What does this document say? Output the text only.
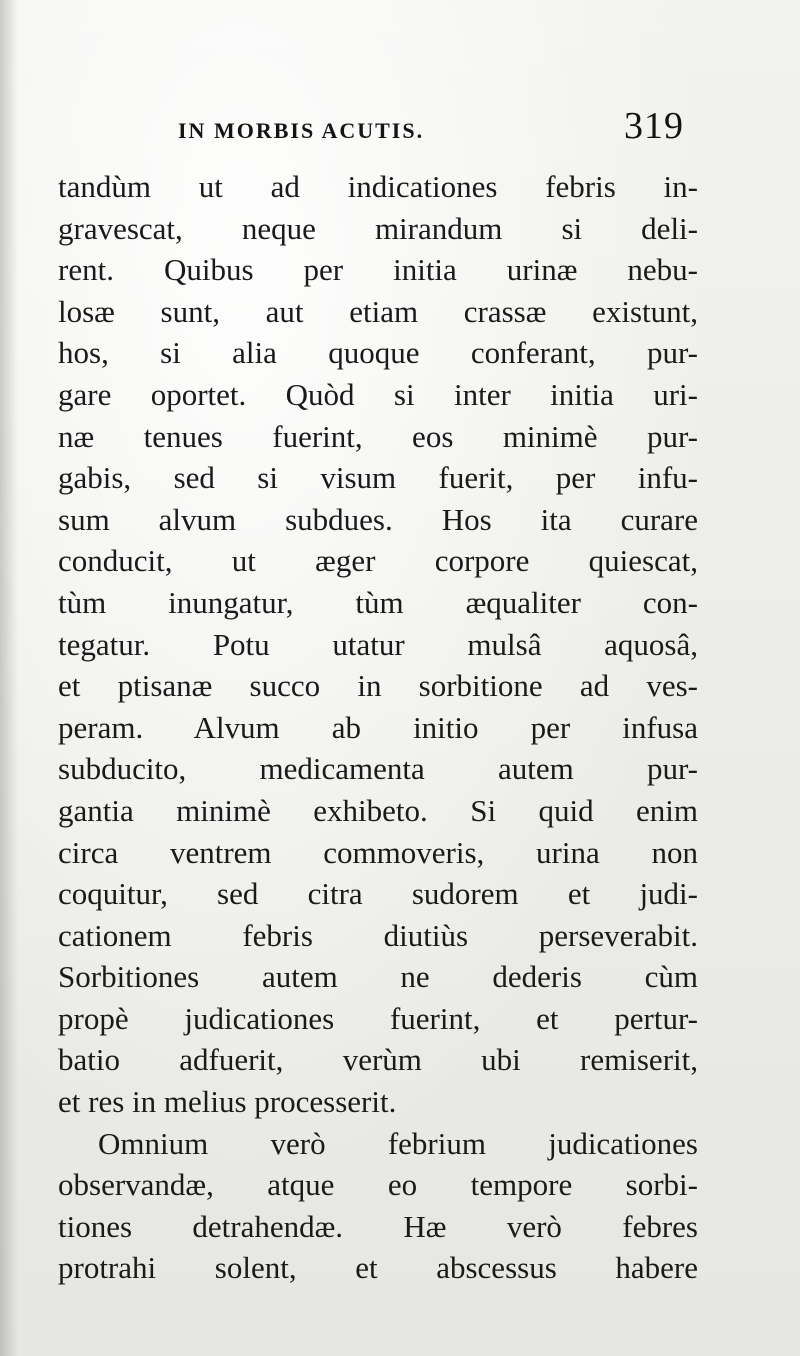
IN MORBIS ACUTIS.	319
tandùm ut ad indicationes febris in-
gravescat, neque mirandum si deli-
rent. Quibus per initia urinæ nebu-
losæ sunt, aut etiam crassæ existunt,
hos, si alia quoque conferant, pur-
gare oportet. Quòd si inter initia uri-
næ tenues fuerint, eos minimè pur-
gabis, sed si visum fuerit, per infu-
sum alvum subdues. Hos ita curare
conducit, ut æger corpore quiescat,
tùm inungatur, tùm æqualiter con-
tegatur. Potu utatur mulsâ aquosâ,
et ptisanæ succo in sorbitione ad ves-
peram. Alvum ab initio per infusa
subducito, medicamenta autem pur-
gantia minimè exhibeto. Si quid enim
circa ventrem commoveris, urina non
coquitur, sed citra sudorem et judi-
cationem febris diutiùs perseverabit.
Sorbitiones autem ne dederis cùm
propè judicationes fuerint, et pertur-
batio adfuerit, verùm ubi remiserit,
et res in melius processerit.
Omnium verò febrium judicationes
observandæ, atque eo tempore sorbi-
tiones detrahendæ. Hæ verò febres
protrahi solent, et abscessus habere
